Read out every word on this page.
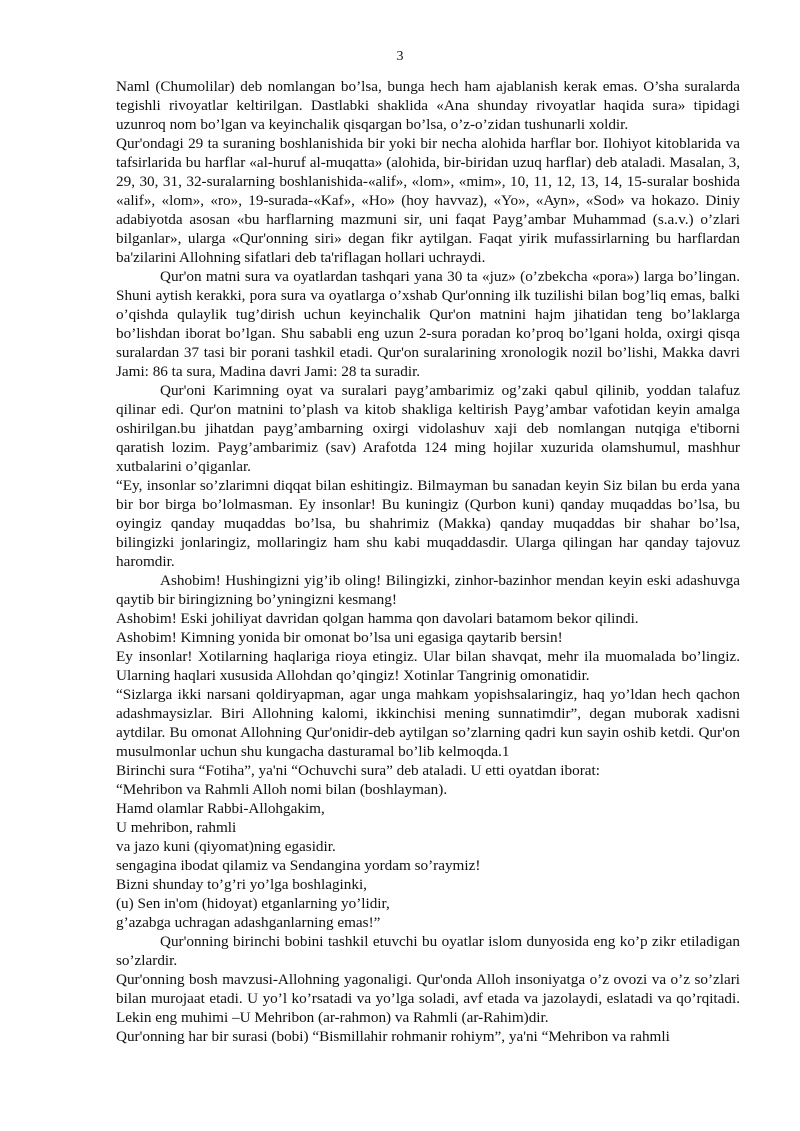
3

Naml (Chumolilar) deb nomlangan bo’lsa, bunga hech ham ajablanish kerak emas. O’sha suralarda tegishli rivoyatlar keltirilgan. Dastlabki shaklida «Ana shunday rivoyatlar haqida sura» tipidagi uzunroq nom bo’lgan va keyinchalik qisqargan bo’lsa, o’z-o’zidan tushunarli xoldir.

Qur'ondagi 29 ta suraning boshlanishida bir yoki bir necha alohida harflar bor. Ilohiyot kitoblarida va tafsirlarida bu harflar «al-huruf al-muqatta» (alohida, bir-biridan uzuq harflar) deb ataladi. Masalan, 3, 29, 30, 31, 32-suralarning boshlanishida-«alif», «lom», «mim», 10, 11, 12, 13, 14, 15-suralar boshida «alif», «lom», «ro», 19-surada-«Kaf», «Ho» (hoy havvaz), «Yo», «Ayn», «Sod» va hokazo. Diniy adabiyotda asosan «bu harflarning mazmuni sir, uni faqat Payg’ambar Muhammad (s.a.v.) o’zlari bilganlar», ularga «Qur'onning siri» degan fikr aytilgan. Faqat yirik mufassirlarning bu harflardan ba'zilarini Allohning sifatlari deb ta'riflagan hollari uchraydi.

Qur'on matni sura va oyatlardan tashqari yana 30 ta «juz» (o’zbekcha «pora») larga bo’lingan. Shuni aytish kerakki, pora sura va oyatlarga o’xshab Qur'onning ilk tuzilishi bilan bog’liq emas, balki o’qishda qulaylik tug’dirish uchun keyinchalik Qur'on matnini hajm jihatidan teng bo’laklarga bo’lishdan iborat bo’lgan. Shu sababli eng uzun 2-sura poradan ko’proq bo’lgani holda, oxirgi qisqa suralardan 37 tasi bir porani tashkil etadi. Qur'on suralarining xronologik nozil bo’lishi, Makka davri Jami: 86 ta sura, Madina davri Jami: 28 ta suradir.

Qur'oni Karimning oyat va suralari payg’ambarimiz og’zaki qabul qilinib, yoddan talafuz qilinar edi. Qur'on matnini to’plash va kitob shakliga keltirish Payg’ambar vafotidan keyin amalga oshirilgan.bu jihatdan payg’ambarning oxirgi vidolashuv xaji deb nomlangan nutqiga e'tiborni qaratish lozim. Payg’ambarimiz (sav) Arafotda 124 ming hojilar xuzurida olamshumul, mashhur xutbalarini o’qiganlar.

“Ey, insonlar so’zlarimni diqqat bilan eshitingiz. Bilmayman bu sanadan keyin Siz bilan bu erda yana bir bor birga bo’lolmasman. Ey insonlar! Bu kuningiz (Qurbon kuni) qanday muqaddas bo’lsa, bu oyingiz qanday muqaddas bo’lsa, bu shahrimiz (Makka) qanday muqaddas bir shahar bo’lsa, bilingizki jonlaringiz, mollaringiz ham shu kabi muqaddasdir. Ularga qilingan har qanday tajovuz haromdir.

Ashobim! Hushingizni yig’ib oling! Bilingizki, zinhor-bazinhor mendan keyin eski adashuvga qaytib bir biringizning bo’yningizni kesmang!

Ashobim! Eski johiliyat davridan qolgan hamma qon davolari batamom bekor qilindi.

Ashobim! Kimning yonida bir omonat bo’lsa uni egasiga qaytarib bersin!

Ey insonlar! Xotilarning haqlariga rioya etingiz. Ular bilan shavqat, mehr ila muomalada bo’lingiz. Ularning haqlari xususida Allohdan qo’qingiz! Xotinlar Tangrinig omonatidir.

“Sizlarga ikki narsani qoldiryapman, agar unga mahkam yopishsalaringiz, haq yo’ldan hech qachon adashmaysizlar. Biri Allohning kalomi, ikkinchisi mening sunnatimdir”, degan muborak xadisni aytdilar. Bu omonat Allohning Qur'onidir-deb aytilgan so’zlarning qadri kun sayin oshib ketdi. Qur'on musulmonlar uchun shu kungacha dasturamal bo’lib kelmoqda.1

Birinchi sura “Fotiha”, ya'ni “Ochuvchi sura” deb ataladi. U etti oyatdan iborat:

“Mehribon va Rahmli Alloh nomi bilan (boshlayman).

Hamd olamlar Rabbi-Allohgakim,

U mehribon, rahmli

va jazo kuni (qiyomat)ning egasidir.

sengagina ibodat qilamiz va Sendangina yordam so’raymiz!

Bizni shunday to’g’ri yo’lga boshlaginki,

(u) Sen in'om (hidoyat) etganlarning yo’lidir,

g’azabga uchragan adashganlarning emas!”

Qur'onning birinchi bobini tashkil etuvchi bu oyatlar islom dunyosida eng ko’p zikr etiladigan so’zlardir.

Qur'onning bosh mavzusi-Allohning yagonaligi. Qur'onda Alloh insoniyatga o’z ovozi va o’z so’zlari bilan murojaat etadi. U yo’l ko’rsatadi va yo’lga soladi, avf etada va jazolaydi, eslatadi va qo’rqitadi. Lekin eng muhimi –U Mehribon (ar-rahmon) va Rahmli (ar-Rahim)dir.

Qur'onning har bir surasi (bobi) “Bismillahir rohmanir rohiym”, ya'ni “Mehribon va rahmli
